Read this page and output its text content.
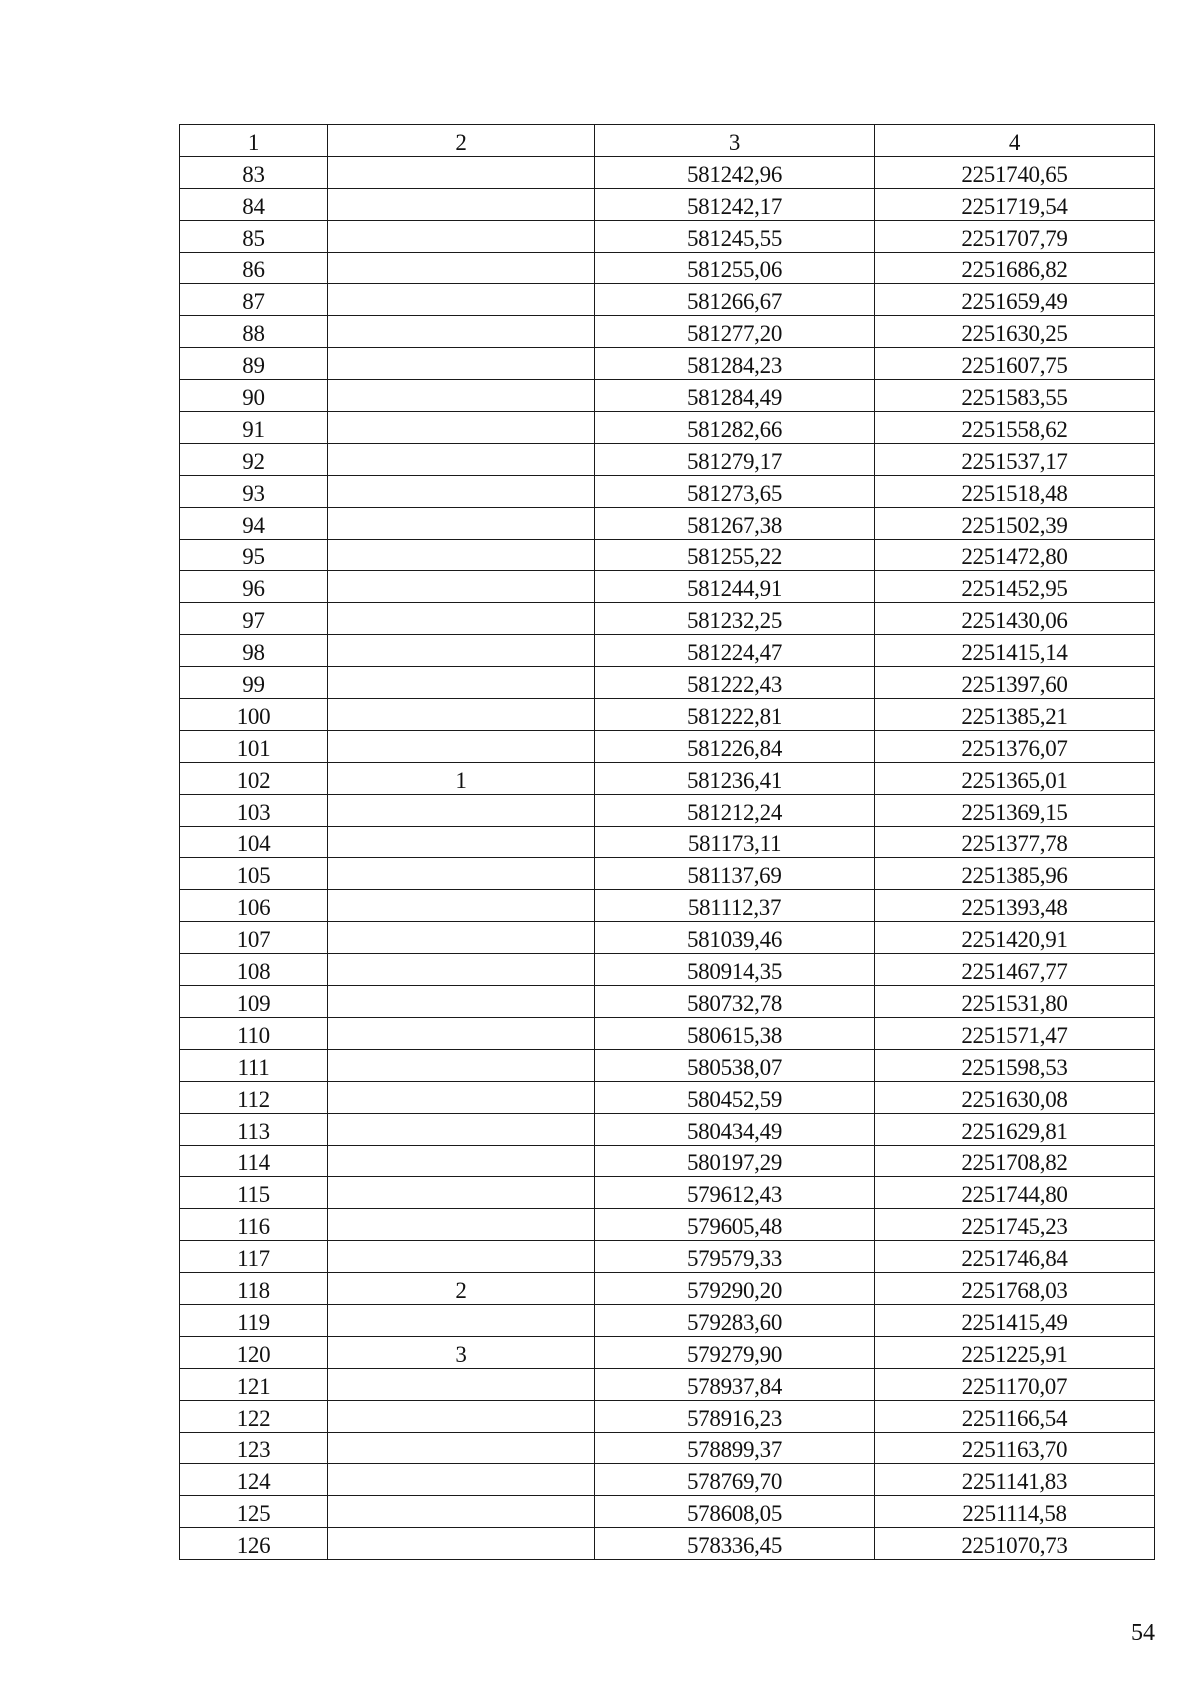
1	2	3	4
83		581242,96	2251740,65
84		581242,17	2251719,54
85		581245,55	2251707,79
86		581255,06	2251686,82
87		581266,67	2251659,49
88		581277,20	2251630,25
89		581284,23	2251607,75
90		581284,49	2251583,55
91		581282,66	2251558,62
92		581279,17	2251537,17
93		581273,65	2251518,48
94		581267,38	2251502,39
95		581255,22	2251472,80
96		581244,91	2251452,95
97		581232,25	2251430,06
98		581224,47	2251415,14
99		581222,43	2251397,60
100		581222,81	2251385,21
101		581226,84	2251376,07
102	1	581236,41	2251365,01
103		581212,24	2251369,15
104		581173,11	2251377,78
105		581137,69	2251385,96
106		581112,37	2251393,48
107		581039,46	2251420,91
108		580914,35	2251467,77
109		580732,78	2251531,80
110		580615,38	2251571,47
111		580538,07	2251598,53
112		580452,59	2251630,08
113		580434,49	2251629,81
114		580197,29	2251708,82
115		579612,43	2251744,80
116		579605,48	2251745,23
117		579579,33	2251746,84
118	2	579290,20	2251768,03
119		579283,60	2251415,49
120	3	579279,90	2251225,91
121		578937,84	2251170,07
122		578916,23	2251166,54
123		578899,37	2251163,70
124		578769,70	2251141,83
125		578608,05	2251114,58
126		578336,45	2251070,73
54
